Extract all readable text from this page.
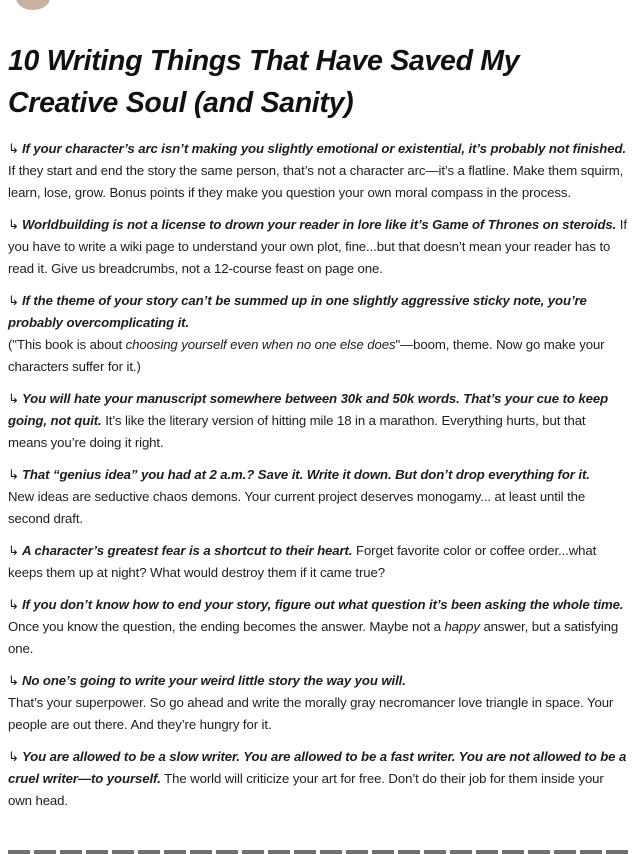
10 Writing Things That Have Saved My Creative Soul (and Sanity)

↳ If your character’s arc isn’t making you slightly emotional or existential, it’s probably not finished. If they start and end the story the same person, that’s not a character arc—it’s a flatline. Make them squirm, learn, lose, grow. Bonus points if they make you question your own moral compass in the process.

↳ Worldbuilding is not a license to drown your reader in lore like it’s Game of Thrones on steroids. If you have to write a wiki page to understand your own plot, fine...but that doesn’t mean your reader has to read it. Give us breadcrumbs, not a 12-course feast on page one.

↳ If the theme of your story can’t be summed up in one slightly aggressive sticky note, you’re probably overcomplicating it.
("This book is about choosing yourself even when no one else does"—boom, theme. Now go make your characters suffer for it.)

↳ You will hate your manuscript somewhere between 30k and 50k words. That’s your cue to keep going, not quit. It’s like the literary version of hitting mile 18 in a marathon. Everything hurts, but that means you’re doing it right.

↳ That “genius idea” you had at 2 a.m.? Save it. Write it down. But don’t drop everything for it.
New ideas are seductive chaos demons. Your current project deserves monogamy... at least until the second draft.

↳ A character’s greatest fear is a shortcut to their heart. Forget favorite color or coffee order...what keeps them up at night? What would destroy them if it came true?

↳ If you don’t know how to end your story, figure out what question it’s been asking the whole time. Once you know the question, the ending becomes the answer. Maybe not a happy answer, but a satisfying one.

↳ No one’s going to write your weird little story the way you will.
That’s your superpower. So go ahead and write the morally gray necromancer love triangle in space. Your people are out there. And they’re hungry for it.

↳ You are allowed to be a slow writer. You are allowed to be a fast writer. You are not allowed to be a cruel writer—to yourself. The world will criticize your art for free. Don’t do their job for them inside your own head.
